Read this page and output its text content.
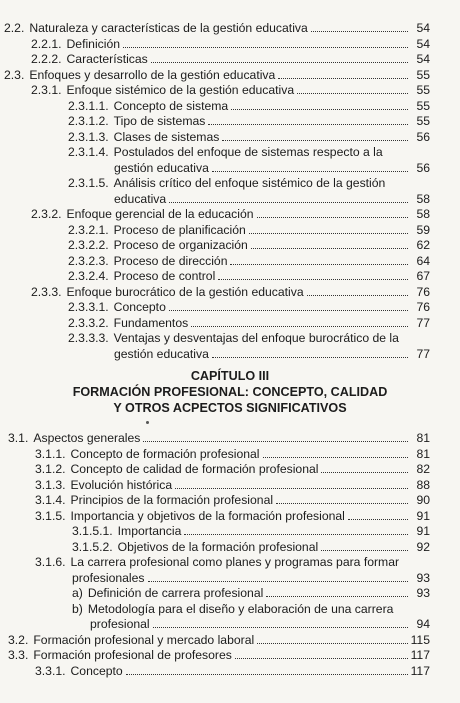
2.2. Naturaleza y características de la gestión educativa	54
2.2.1. Definición	54
2.2.2. Características	54
2.3. Enfoques y desarrollo de la gestión educativa	55
2.3.1. Enfoque sistémico de la gestión educativa	55
2.3.1.1. Concepto de sistema	55
2.3.1.2. Tipo de sistemas	55
2.3.1.3. Clases de sistemas	56
2.3.1.4. Postulados del enfoque de sistemas respecto a la
gestión educativa	56
2.3.1.5. Análisis crítico del enfoque sistémico de la gestión
educativa	58
2.3.2. Enfoque gerencial de la educación	58
2.3.2.1. Proceso de planificación	59
2.3.2.2. Proceso de organización	62
2.3.2.3. Proceso de dirección	64
2.3.2.4. Proceso de control	67
2.3.3. Enfoque burocrático de la gestión educativa	76
2.3.3.1. Concepto	76
2.3.3.2. Fundamentos	77
2.3.3.3. Ventajas y desventajas del enfoque burocrático de la
gestión educativa	77
CAPÍTULO III
FORMACIÓN PROFESIONAL: CONCEPTO, CALIDAD
Y OTROS ACPECTOS SIGNIFICATIVOS
3.1. Aspectos generales	81
3.1.1. Concepto de formación profesional	81
3.1.2. Concepto de calidad de formación profesional	82
3.1.3. Evolución histórica	88
3.1.4. Principios de la formación profesional	90
3.1.5. Importancia y objetivos de la formación profesional	91
3.1.5.1. Importancia	91
3.1.5.2. Objetivos de la formación profesional	92
3.1.6. La carrera profesional como planes y programas para formar
profesionales	93
a) Definición de carrera profesional	93
b) Metodología para el diseño y elaboración de una carrera
profesional	94
3.2. Formación profesional y mercado laboral	115
3.3. Formación profesional de profesores	117
3.3.1. Concepto	117
